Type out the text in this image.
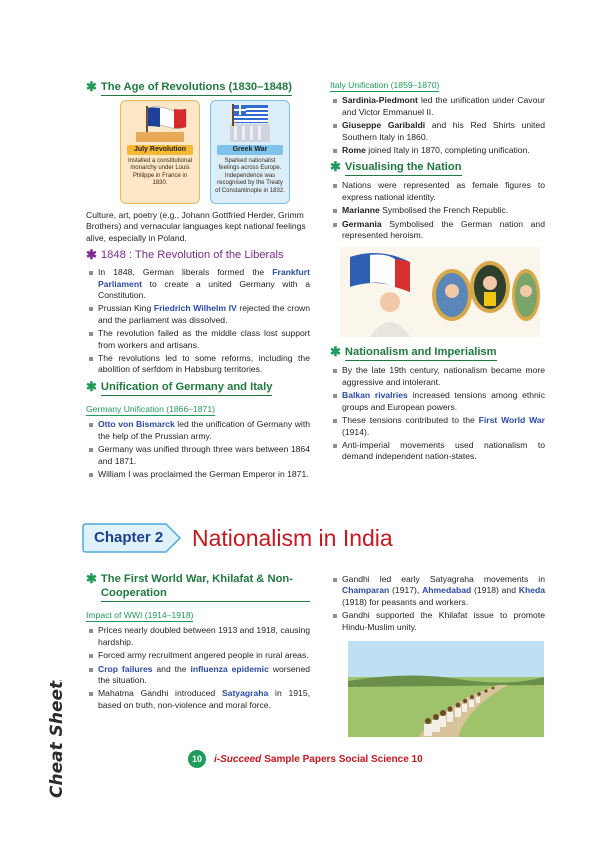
✱ The Age of Revolutions (1830–1848)
July Revolution
Installed a constitutional monarchy under Louis Philippe in France in 1830.
Greek War
Sparked nationalist feelings across Europe. Independence was recognised by the Treaty of Constantinople in 1832.

Culture, art, poetry (e.g., Johann Gottfried Herder, Grimm Brothers) and vernacular languages kept national feelings alive, especially in Poland.

✱ 1848 : The Revolution of the Liberals
In 1848, German liberals formed the Frankfurt Parliament to create a united Germany with a Constitution.
Prussian King Friedrich Wilhelm IV rejected the crown and the parliament was dissolved.
The revolution failed as the middle class lost support from workers and artisans.
The revolutions led to some reforms, including the abolition of serfdom in Habsburg territories.
✱ Unification of Germany and Italy
Germany Unification (1866–1871)
Otto von Bismarck led the unification of Germany with the help of the Prussian army.
Germany was unified through three wars between 1864 and 1871.
William I was proclaimed the German Emperor in 1871.
Italy Unification (1859–1870)
Sardinia-Piedmont led the unification under Cavour and Victor Emmanuel II.
Giuseppe Garibaldi and his Red Shirts united Southern Italy in 1860.
Rome joined Italy in 1870, completing unification.
✱ Visualising the Nation
Nations were represented as female figures to express national identity.
Marianne Symbolised the French Republic.
Germania Symbolised the German nation and represented heroism.
✱ Nationalism and Imperialism
By the late 19th century, nationalism became more aggressive and intolerant.
Balkan rivalries increased tensions among ethnic groups and European powers.
These tensions contributed to the First World War (1914).
Anti-imperial movements used nationalism to demand independent nation-states.
Chapter 2 Nationalism in India
✱ The First World War, Khilafat & Non-Cooperation
Impact of WWI (1914–1918)
Prices nearly doubled between 1913 and 1918, causing hardship.
Forced army recruitment angered people in rural areas.
Crop failures and the influenza epidemic worsened the situation.
Mahatma Gandhi introduced Satyagraha in 1915, based on truth, non-violence and moral force.
Gandhi led early Satyagraha movements in Champaran (1917), Ahmedabad (1918) and Kheda (1918) for peasants and workers.
Gandhi supported the Khilafat issue to promote Hindu-Muslim unity.
Cheat Sheets	10	i-Succeed Sample Papers Social Science 10
